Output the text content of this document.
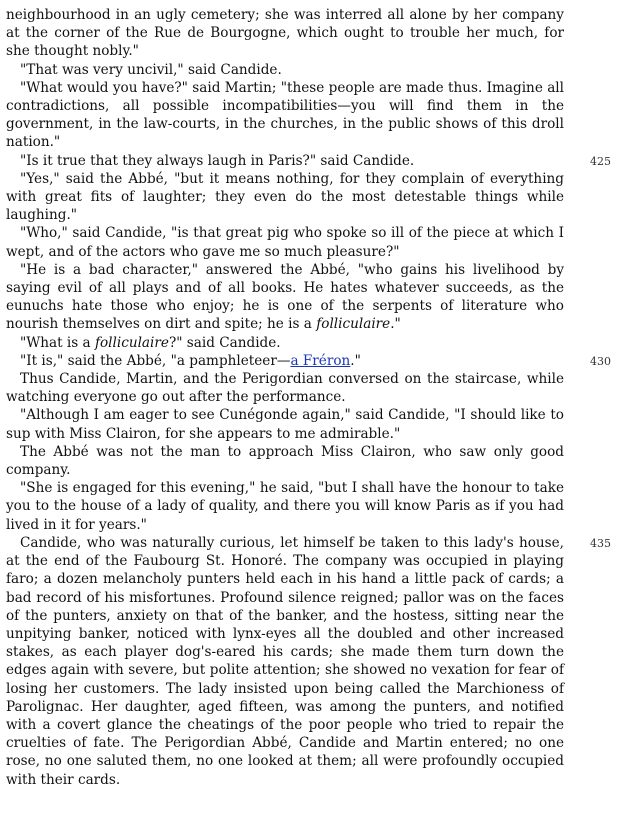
neighbourhood in an ugly cemetery; she was interred all alone by her company at the corner of the Rue de Bourgogne, which ought to trouble her much, for she thought nobly."

"That was very uncivil," said Candide.

"What would you have?" said Martin; "these people are made thus. Imagine all contradictions, all possible incompatibilities—you will find them in the government, in the law-courts, in the churches, in the public shows of this droll nation."

"Is it true that they always laugh in Paris?" said Candide.

"Yes," said the Abbé, "but it means nothing, for they complain of everything with great fits of laughter; they even do the most detestable things while laughing."

"Who," said Candide, "is that great pig who spoke so ill of the piece at which I wept, and of the actors who gave me so much pleasure?"

"He is a bad character," answered the Abbé, "who gains his livelihood by saying evil of all plays and of all books. He hates whatever succeeds, as the eunuchs hate those who enjoy; he is one of the serpents of literature who nourish themselves on dirt and spite; he is a folliculaire."

"What is a folliculaire?" said Candide.

"It is," said the Abbé, "a pamphleteer—a Fréron."

Thus Candide, Martin, and the Perigordian conversed on the staircase, while watching everyone go out after the performance.

"Although I am eager to see Cunégonde again," said Candide, "I should like to sup with Miss Clairon, for she appears to me admirable."

The Abbé was not the man to approach Miss Clairon, who saw only good company.

"She is engaged for this evening," he said, "but I shall have the honour to take you to the house of a lady of quality, and there you will know Paris as if you had lived in it for years."

Candide, who was naturally curious, let himself be taken to this lady's house, at the end of the Faubourg St. Honoré. The company was occupied in playing faro; a dozen melancholy punters held each in his hand a little pack of cards; a bad record of his misfortunes. Profound silence reigned; pallor was on the faces of the punters, anxiety on that of the banker, and the hostess, sitting near the unpitying banker, noticed with lynx-eyes all the doubled and other increased stakes, as each player dog's-eared his cards; she made them turn down the edges again with severe, but polite attention; she showed no vexation for fear of losing her customers. The lady insisted upon being called the Marchioness of Parolignac. Her daughter, aged fifteen, was among the punters, and notified with a covert glance the cheatings of the poor people who tried to repair the cruelties of fate. The Perigordian Abbé, Candide and Martin entered; no one rose, no one saluted them, no one looked at them; all were profoundly occupied with their cards.

425
430
435
